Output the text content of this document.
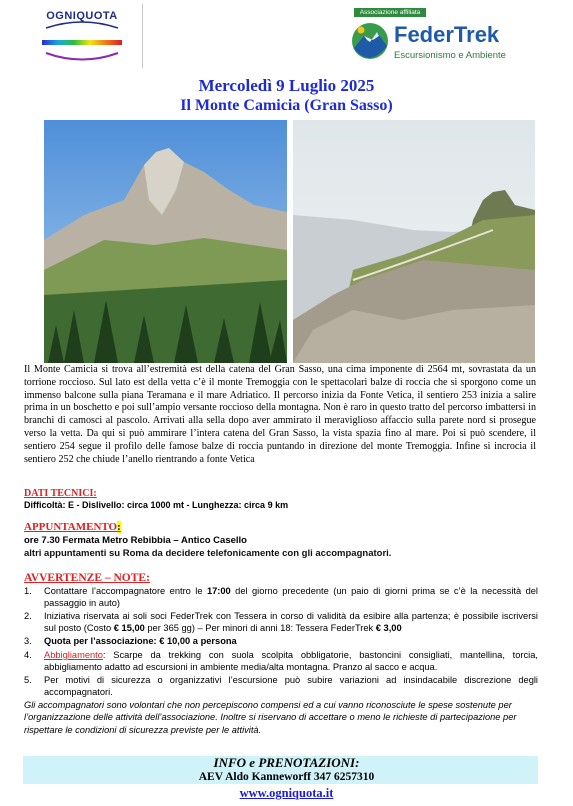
OGNIQUOTA	Associazione affiliata
FederTrek
Escursionismo e Ambiente
Mercoledì 9 Luglio 2025
Il Monte Camicia (Gran Sasso)
Il Monte Camicia si trova all’estremità est della catena del Gran Sasso, una cima imponente di 2564 mt, sovrastata da un torrione roccioso. Sul lato est della vetta c’è il monte Tremoggia con le spettacolari balze di roccia che si sporgono come un immenso balcone sulla piana Teramana e il mare Adriatico. Il percorso inizia da Fonte Vetica, il sentiero 253 inizia a salire prima in un boschetto e poi sull’ampio versante roccioso della montagna. Non è raro in questo tratto del percorso imbattersi in branchi di camosci al pascolo. Arrivati alla sella dopo aver ammirato il meraviglioso affaccio sulla parete nord si prosegue verso la vetta. Da qui si può ammirare l’intera catena del Gran Sasso, la vista spazia fino al mare. Poi si può scendere, il sentiero 254 segue il profilo delle famose balze di roccia puntando in direzione del monte Tremoggia. Infine si incrocia il sentiero 252 che chiude l’anello rientrando a fonte Vetica
DATI TECNICI:
Difficoltà: E - Dislivello: circa 1000 mt - Lunghezza: circa 9 km
APPUNTAMENTO:
ore 7.30 Fermata Metro Rebibbia – Antico Casello
altri appuntamenti su Roma da decidere telefonicamente con gli accompagnatori.
AVVERTENZE – NOTE:
1. Contattare l’accompagnatore entro le 17:00 del giorno precedente (un paio di giorni prima se c’è la necessità del passaggio in auto)
2. Iniziativa riservata ai soli soci FederTrek con Tessera in corso di validità da esibire alla partenza; è possibile iscriversi sul posto (Costo € 15,00 per 365 gg) – Per minori di anni 18: Tessera FederTrek € 3,00
3. Quota per l’associazione: € 10,00 a persona
4. Abbigliamento: Scarpe da trekking con suola scolpita obbligatorie, bastoncini consigliati, mantellina, torcia, abbigliamento adatto ad escursioni in ambiente media/alta montagna. Pranzo al sacco e acqua.
5. Per motivi di sicurezza o organizzativi l’escursione può subire variazioni ad insindacabile discrezione degli accompagnatori.
Gli accompagnatori sono volontari che non percepiscono compensi ed a cui vanno riconosciute le spese sostenute per l’organizzazione delle attività dell’associazione. Inoltre si riservano di accettare o meno le richieste di partecipazione per rispettare le condizioni di sicurezza previste per le attività.
INFO e PRENOTAZIONI:
AEV Aldo Kanneworff 347 6257310
www.ogniquota.it
